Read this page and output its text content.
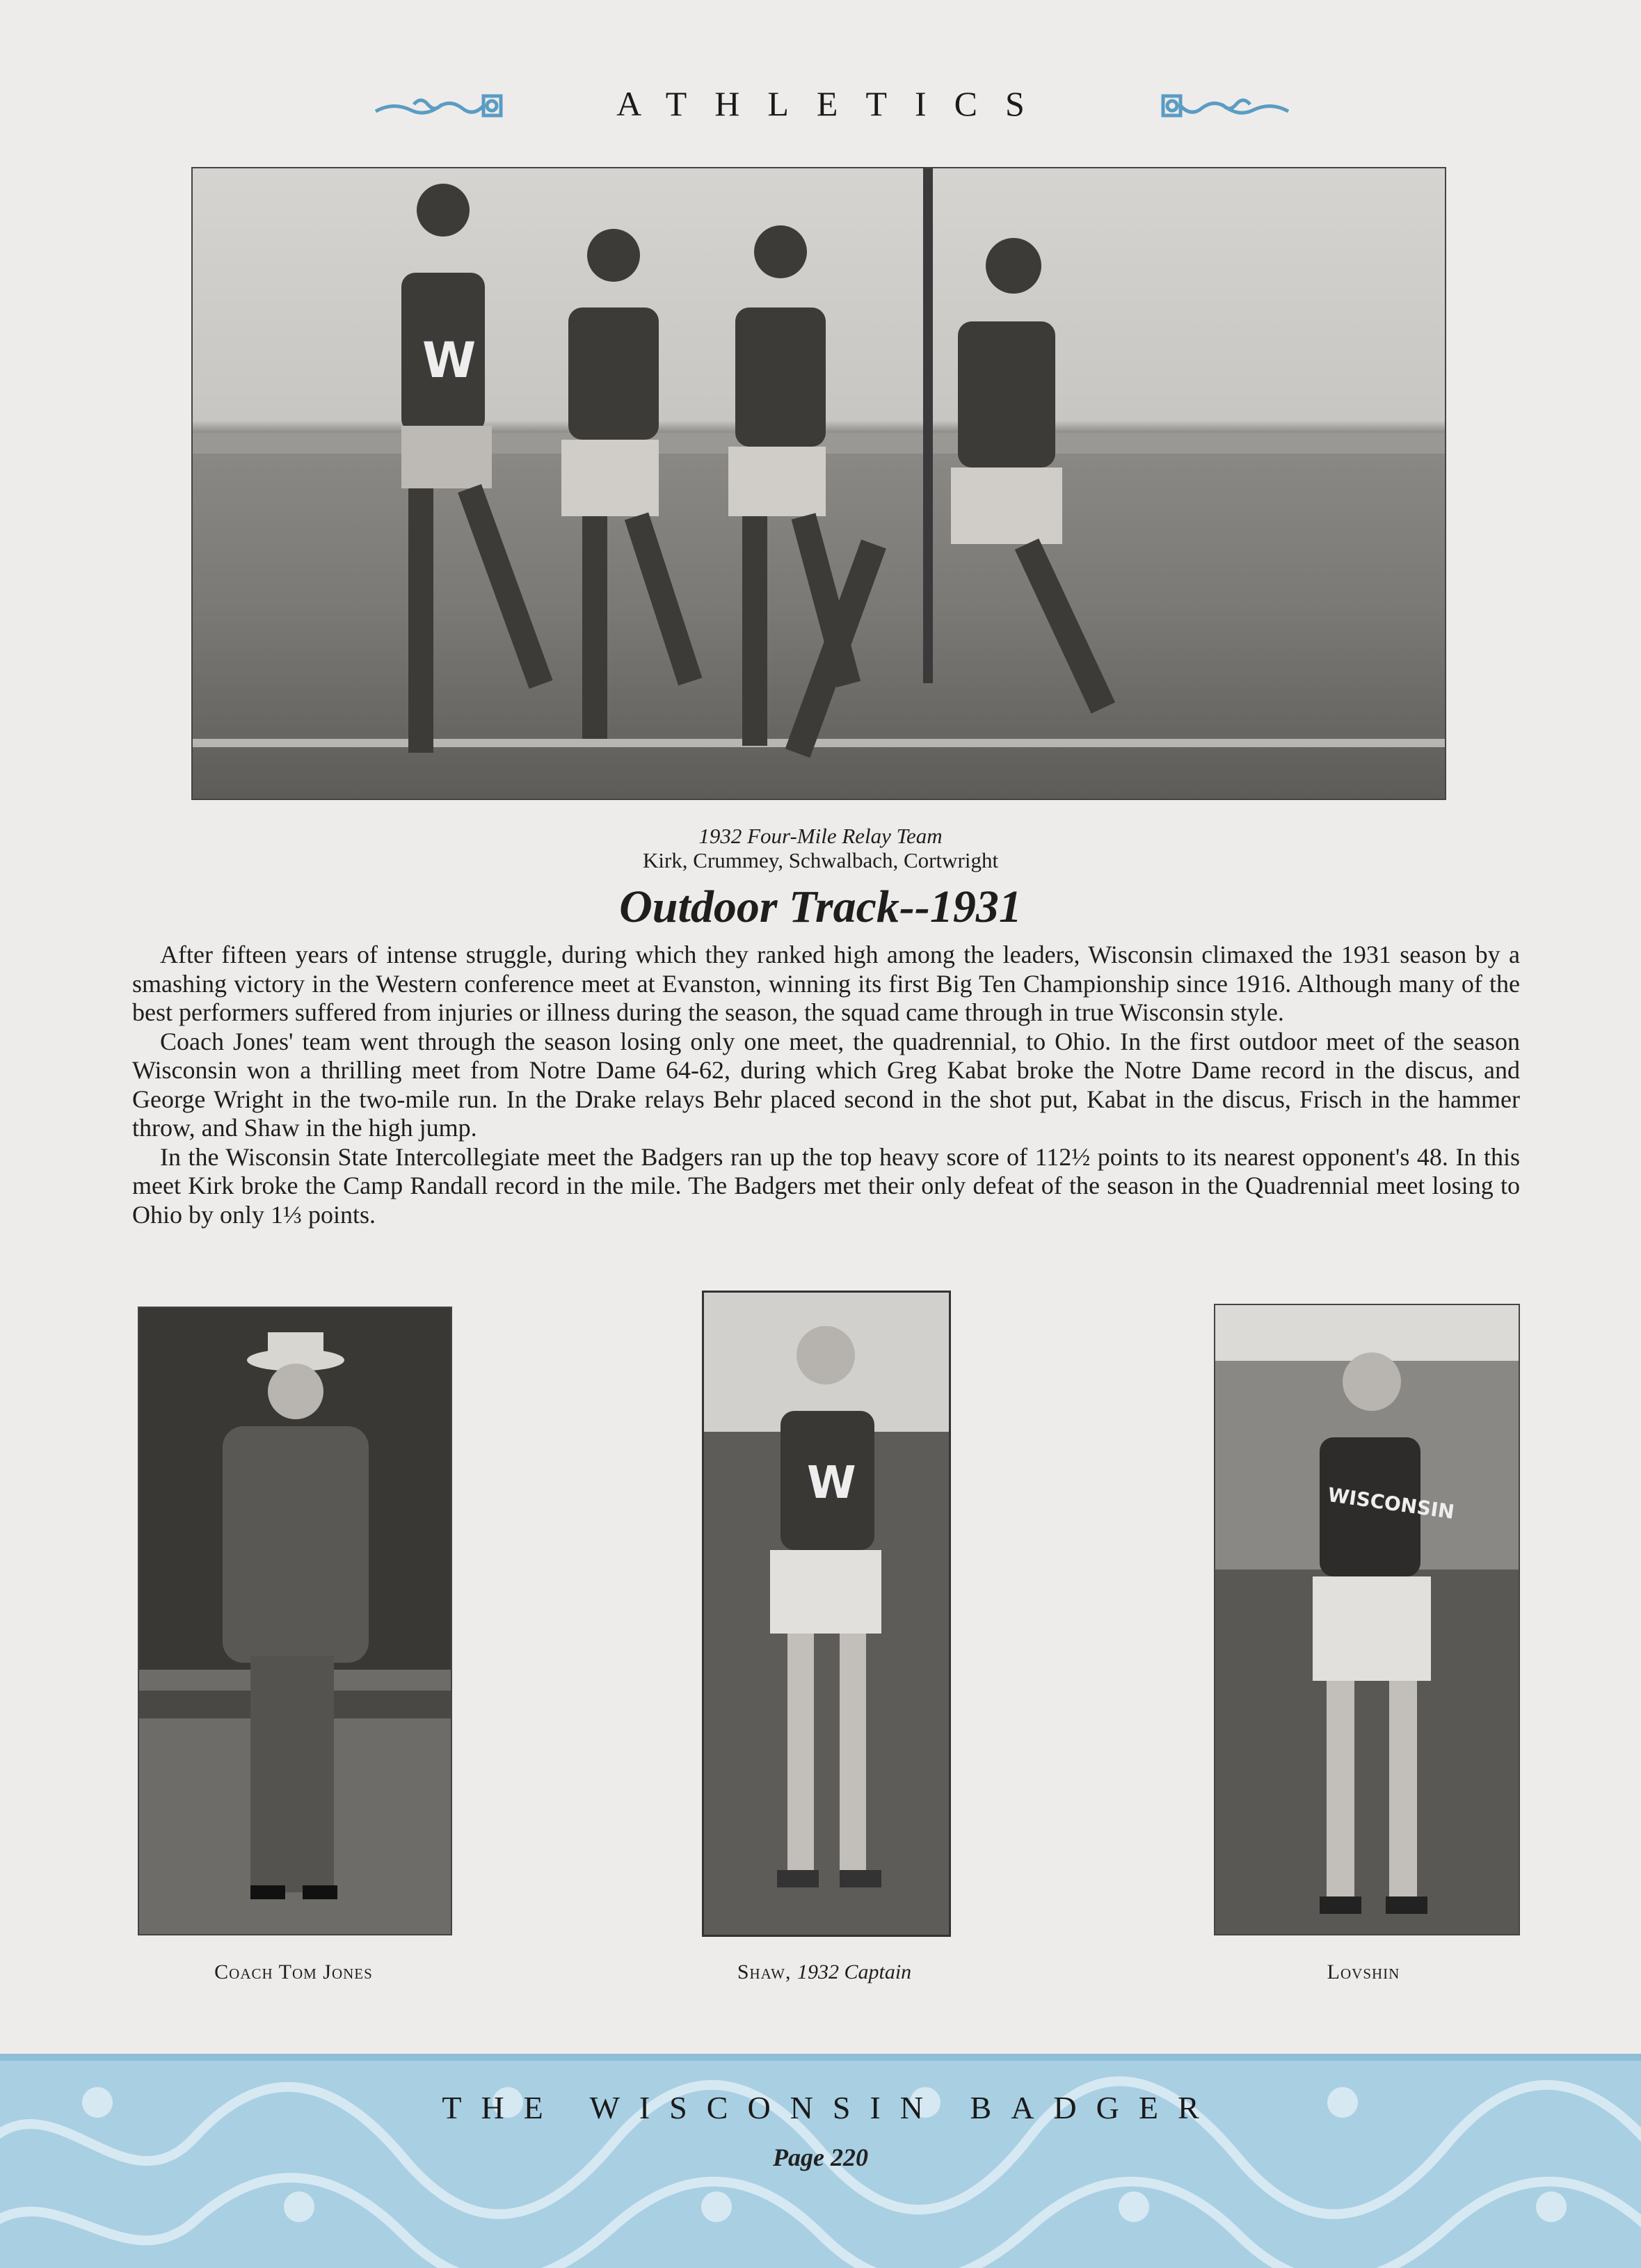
ATHLETICS
W
1932 Four-Mile Relay Team
Kirk, Crummey, Schwalbach, Cortwright
Outdoor Track--1931

After fifteen years of intense struggle, during which they ranked high among the leaders, Wisconsin climaxed the 1931 season by a smashing victory in the Western conference meet at Evanston, winning its first Big Ten Championship since 1916. Although many of the best performers suffered from injuries or illness during the season, the squad came through in true Wisconsin style.

Coach Jones' team went through the season losing only one meet, the quadrennial, to Ohio. In the first outdoor meet of the season Wisconsin won a thrilling meet from Notre Dame 64-62, during which Greg Kabat broke the Notre Dame record in the discus, and George Wright in the two-mile run. In the Drake relays Behr placed second in the shot put, Kabat in the discus, Frisch in the hammer throw, and Shaw in the high jump.

In the Wisconsin State Intercollegiate meet the Badgers ran up the top heavy score of 112½ points to its nearest opponent's 48. In this meet Kirk broke the Camp Randall record in the mile. The Badgers met their only defeat of the season in the Quadrennial meet losing to Ohio by only 1⅓ points.

W	WISCONSIN
Coach Tom Jones	Shaw, 1932 Captain	Lovshin
THE WISCONSIN BADGER
Page 220
